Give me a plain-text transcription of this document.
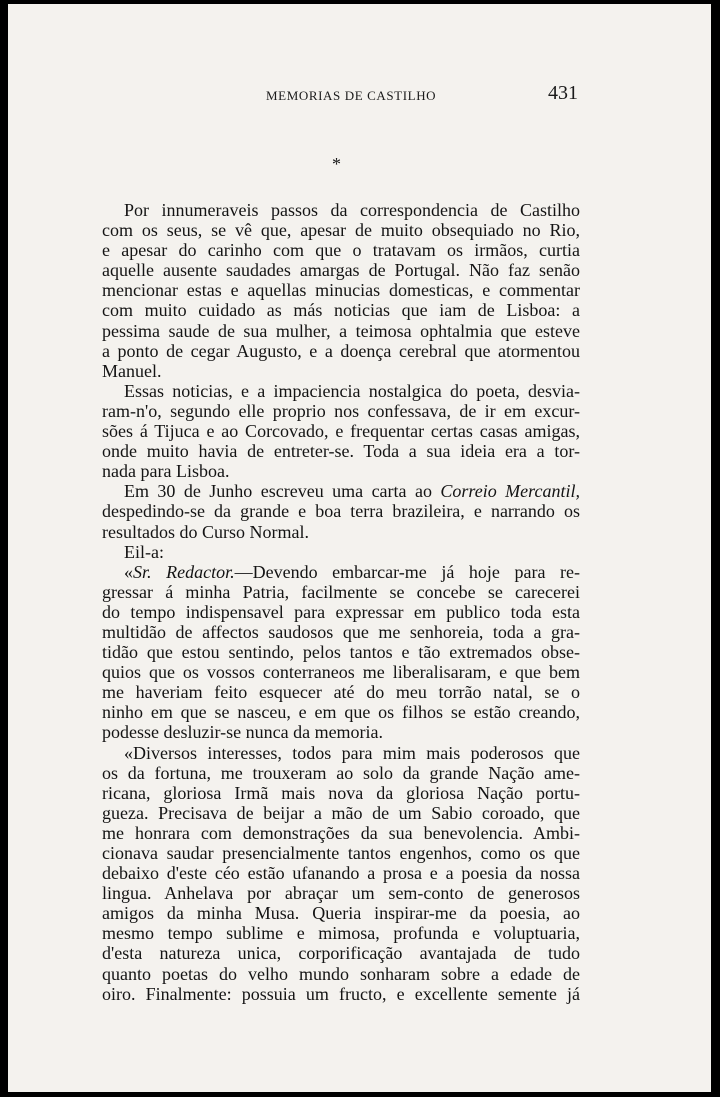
MEMORIAS DE CASTILHO	431
*

Por innumeraveis passos da correspondencia de Castilho
com os seus, se vê que, apesar de muito obsequiado no Rio,
e apesar do carinho com que o tratavam os irmãos, curtia
aquelle ausente saudades amargas de Portugal. Não faz senão
mencionar estas e aquellas minucias domesticas, e commentar
com muito cuidado as más noticias que iam de Lisboa: a
pessima saude de sua mulher, a teimosa ophtalmia que esteve
a ponto de cegar Augusto, e a doença cerebral que atormentou
Manuel.

Essas noticias, e a impaciencia nostalgica do poeta, desvia-
ram-n'o, segundo elle proprio nos confessava, de ir em excur-
sões á Tijuca e ao Corcovado, e frequentar certas casas amigas,
onde muito havia de entreter-se. Toda a sua ideia era a tor-
nada para Lisboa.

Em 30 de Junho escreveu uma carta ao Correio Mercantil,
despedindo-se da grande e boa terra brazileira, e narrando os
resultados do Curso Normal.

Eil-a:

«Sr. Redactor.—Devendo embarcar-me já hoje para re-
gressar á minha Patria, facilmente se concebe se carecerei
do tempo indispensavel para expressar em publico toda esta
multidão de affectos saudosos que me senhoreia, toda a gra-
tidão que estou sentindo, pelos tantos e tão extremados obse-
quios que os vossos conterraneos me liberalisaram, e que bem
me haveriam feito esquecer até do meu torrão natal, se o
ninho em que se nasceu, e em que os filhos se estão creando,
podesse desluzir-se nunca da memoria.

«Diversos interesses, todos para mim mais poderosos que
os da fortuna, me trouxeram ao solo da grande Nação ame-
ricana, gloriosa Irmã mais nova da gloriosa Nação portu-
gueza. Precisava de beijar a mão de um Sabio coroado, que
me honrara com demonstrações da sua benevolencia. Ambi-
cionava saudar presencialmente tantos engenhos, como os que
debaixo d'este céo estão ufanando a prosa e a poesia da nossa
lingua. Anhelava por abraçar um sem-conto de generosos
amigos da minha Musa. Queria inspirar-me da poesia, ao
mesmo tempo sublime e mimosa, profunda e voluptuaria,
d'esta natureza unica, corporificação avantajada de tudo
quanto poetas do velho mundo sonharam sobre a edade de
oiro. Finalmente: possuia um fructo, e excellente semente já
